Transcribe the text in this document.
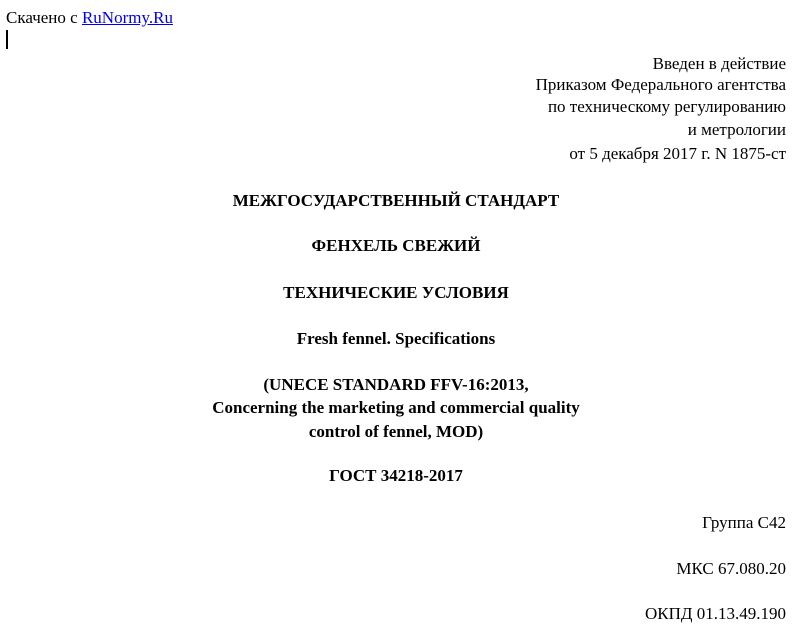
Скачено с RuNormy.Ru
Введен в действие
Приказом Федерального агентства
по техническому регулированию
и метрологии
от 5 декабря 2017 г. N 1875-ст
МЕЖГОСУДАРСТВЕННЫЙ СТАНДАРТ
ФЕНХЕЛЬ СВЕЖИЙ
ТЕХНИЧЕСКИЕ УСЛОВИЯ
Fresh fennel. Specifications
(UNECE STANDARD FFV-16:2013,
Concerning the marketing and commercial quality
control of fennel, MOD)
ГОСТ 34218-2017
Группа С42
МКС 67.080.20
ОКПД 01.13.49.190
